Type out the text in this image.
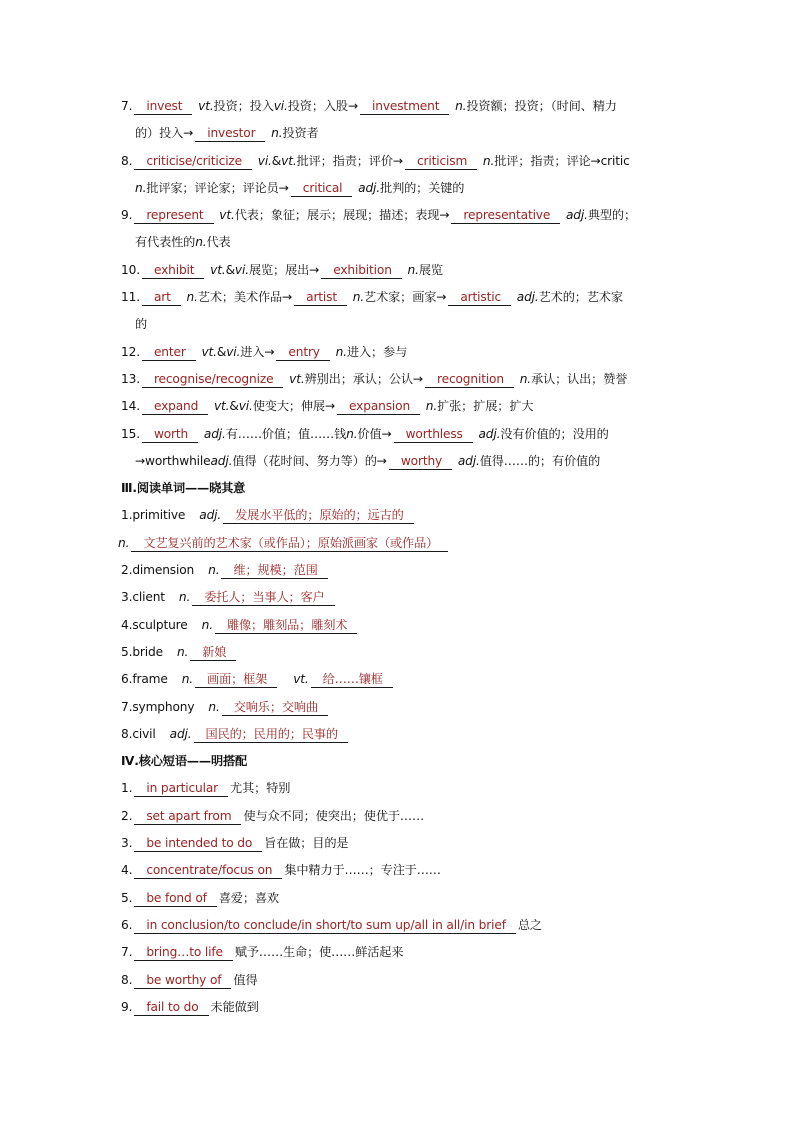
7. invest vt.投资；投入vi.投资；入股→ investment n.投资额；投资；（时间、精力
的）投入→ investor n.投资者
8. criticise/criticize vi.&vt.批评；指责；评价→ criticism n.批评；指责；评论→critic
n.批评家；评论家；评论员→ critical adj.批判的；关键的
9. represent vt.代表；象征；展示；展现；描述；表现→ representative adj.典型的；
有代表性的n.代表
10. exhibit vt.&vi.展览；展出→ exhibition n.展览
11. art n.艺术；美术作品→ artist n.艺术家；画家→ artistic adj.艺术的；艺术家
的
12. enter vt.&vi.进入→ entry n.进入；参与
13. recognise/recognize vt.辨别出；承认；公认→ recognition n.承认；认出；赞誉
14. expand vt.&vi.使变大；伸展→ expansion n.扩张；扩展；扩大
15. worth adj.有……价值；值……钱n.价值→ worthless adj.没有价值的；没用的
→worthwhileadj.值得（花时间、努力等）的→ worthy adj.值得……的；有价值的
Ⅲ.阅读单词——晓其意
1.primitive adj. 发展水平低的；原始的；远古的
n. 文艺复兴前的艺术家（或作品）；原始派画家（或作品）
2.dimension n. 维；规模；范围
3.client n. 委托人；当事人；客户
4.sculpture n. 雕像；雕刻品；雕刻术
5.bride n. 新娘
6.frame n. 画面；框架 vt. 给……镶框
7.symphony n. 交响乐；交响曲
8.civil adj. 国民的；民用的；民事的
Ⅳ.核心短语——明搭配
1. in particular 尤其；特别
2. set apart from 使与众不同；使突出；使优于……
3. be intended to do 旨在做；目的是
4. concentrate/focus on 集中精力于……；专注于……
5. be fond of 喜爱；喜欢
6. in conclusion/to conclude/in short/to sum up/all in all/in brief 总之
7. bring…to life 赋予……生命；使……鲜活起来
8. be worthy of 值得
9. fail to do 未能做到
